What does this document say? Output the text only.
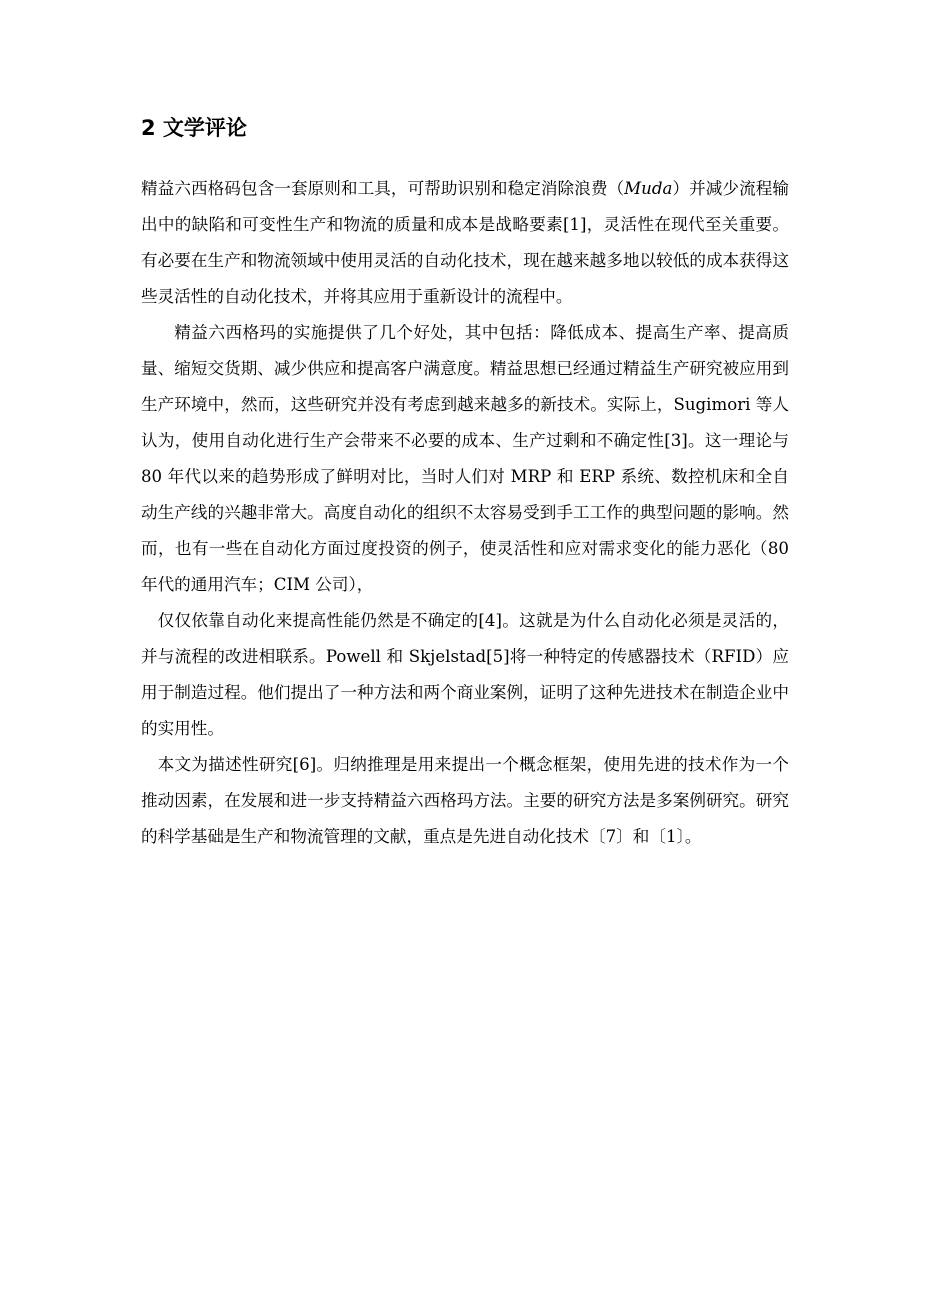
2 文学评论

精益六西格码包含一套原则和工具，可帮助识别和稳定消除浪费（Muda）并减少流程输出中的缺陷和可变性生产和物流的质量和成本是战略要素[1]，灵活性在现代至关重要。有必要在生产和物流领域中使用灵活的自动化技术，现在越来越多地以较低的成本获得这些灵活性的自动化技术，并将其应用于重新设计的流程中。

精益六西格玛的实施提供了几个好处，其中包括：降低成本、提高生产率、提高质量、缩短交货期、减少供应和提高客户满意度。精益思想已经通过精益生产研究被应用到生产环境中，然而，这些研究并没有考虑到越来越多的新技术。实际上，Sugimori 等人认为，使用自动化进行生产会带来不必要的成本、生产过剩和不确定性[3]。这一理论与 80 年代以来的趋势形成了鲜明对比，当时人们对 MRP 和 ERP 系统、数控机床和全自动生产线的兴趣非常大。高度自动化的组织不太容易受到手工工作的典型问题的影响。然而，也有一些在自动化方面过度投资的例子，使灵活性和应对需求变化的能力恶化（80 年代的通用汽车；CIM 公司），

仅仅依靠自动化来提高性能仍然是不确定的[4]。这就是为什么自动化必须是灵活的，并与流程的改进相联系。Powell 和 Skjelstad[5]将一种特定的传感器技术（RFID）应用于制造过程。他们提出了一种方法和两个商业案例，证明了这种先进技术在制造企业中的实用性。

本文为描述性研究[6]。归纳推理是用来提出一个概念框架，使用先进的技术作为一个推动因素，在发展和进一步支持精益六西格玛方法。主要的研究方法是多案例研究。研究的科学基础是生产和物流管理的文献，重点是先进自动化技术〔7〕和〔1〕。
